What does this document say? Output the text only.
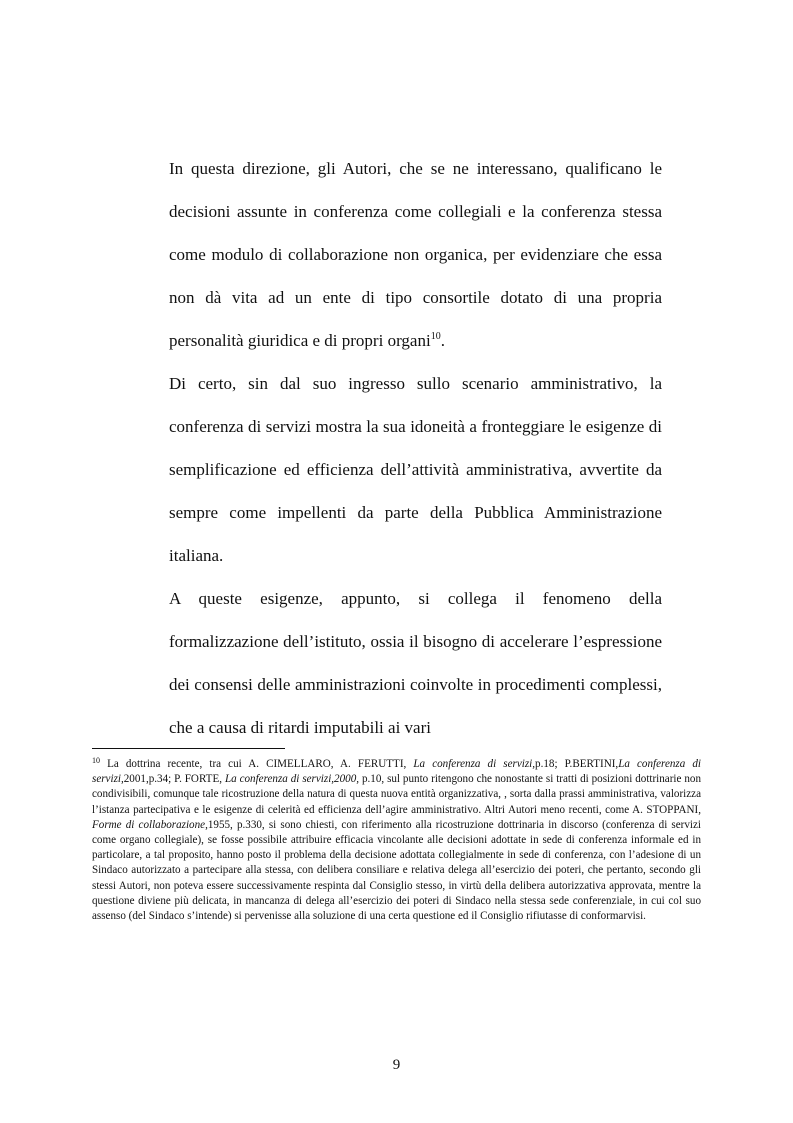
In questa direzione, gli Autori, che se ne interessano, qualificano le decisioni assunte in conferenza come collegiali e la conferenza stessa come modulo di collaborazione non organica, per evidenziare che essa non dà vita ad un ente di tipo consortile dotato di una propria personalità giuridica e di propri organi$^{10}$.

Di certo, sin dal suo ingresso sullo scenario amministrativo, la conferenza di servizi mostra la sua idoneità a fronteggiare le esigenze di semplificazione ed efficienza dell’attività amministrativa, avvertite da sempre come impellenti da parte della Pubblica Amministrazione italiana.

A queste esigenze, appunto, si collega il fenomeno della formalizzazione dell’istituto, ossia il bisogno di accelerare l’espressione dei consensi delle amministrazioni coinvolte in procedimenti complessi, che a causa di ritardi imputabili ai vari

$^{10}$ La dottrina recente, tra cui A. CIMELLARO, A. FERUTTI, La conferenza di servizi,p.18; P.BERTINI,La conferenza di servizi,2001,p.34; P. FORTE, La conferenza di servizi,2000, p.10, sul punto ritengono che nonostante si tratti di posizioni dottrinarie non condivisibili, comunque tale ricostruzione della natura di questa nuova entità organizzativa, , sorta dalla prassi amministrativa, valorizza l’istanza partecipativa e le esigenze di celerità ed efficienza dell’agire amministrativo. Altri Autori meno recenti, come A. STOPPANI, Forme di collaborazione,1955, p.330, si sono chiesti, con riferimento alla ricostruzione dottrinaria in discorso (conferenza di servizi come organo collegiale), se fosse possibile attribuire efficacia vincolante alle decisioni adottate in sede di conferenza informale ed in particolare, a tal proposito, hanno posto il problema della decisione adottata collegialmente in sede di conferenza, con l’adesione di un Sindaco autorizzato a partecipare alla stessa, con delibera consiliare e relativa delega all’esercizio dei poteri, che pertanto, secondo gli stessi Autori, non poteva essere successivamente respinta dal Consiglio stesso, in virtù della delibera autorizzativa approvata, mentre la questione diviene più delicata, in mancanza di delega all’esercizio dei poteri di Sindaco nella stessa sede conferenziale, in cui col suo assenso (del Sindaco s’intende) si pervenisse alla soluzione di una certa questione ed il Consiglio rifiutasse di conformarvisi.
9
